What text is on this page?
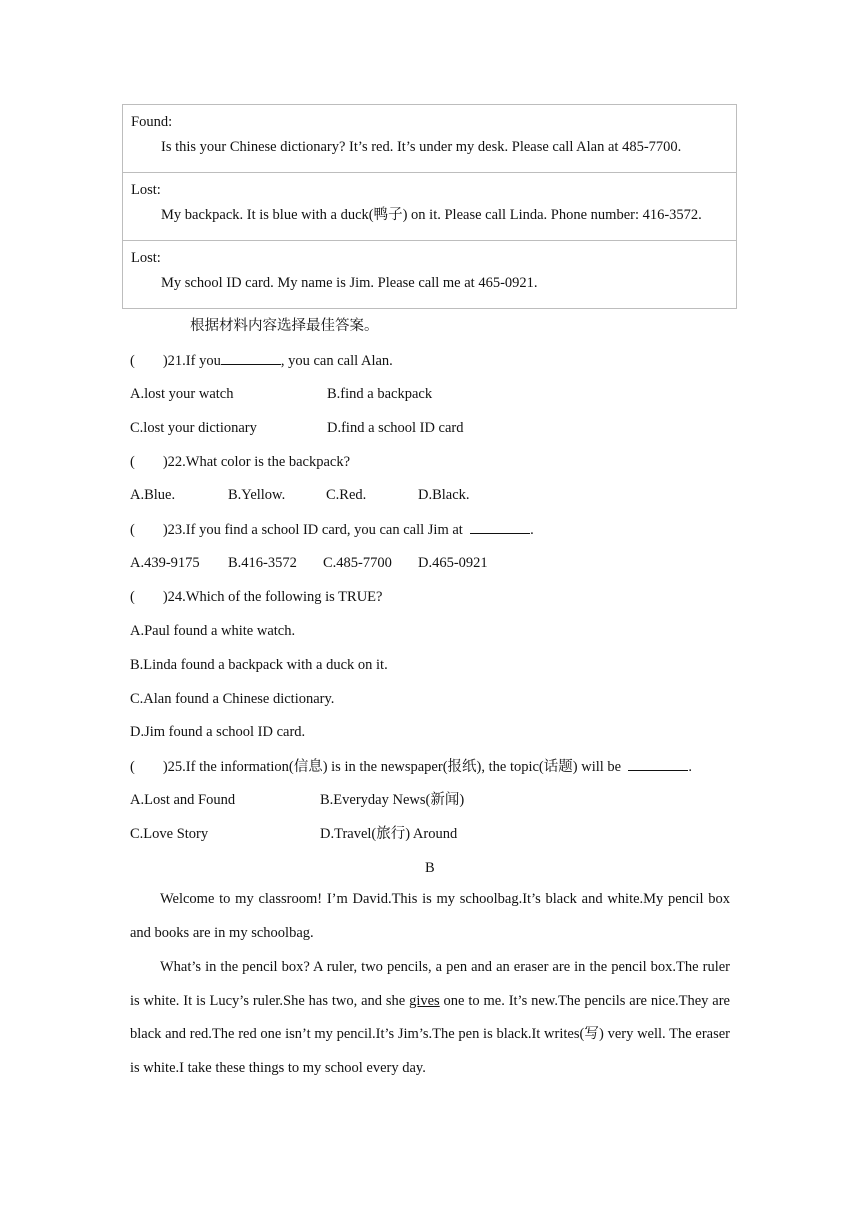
Found:
Is this your Chinese dictionary? It’s red. It’s under my desk. Please call Alan at 485-7700.

Lost:
My backpack. It is blue with a duck(鸭子) on it. Please call Linda. Phone number: 416-3572.

Lost:
My school ID card. My name is Jim. Please call me at 465-0921.
根据材料内容选择最佳答案。
( )21.If you	, you can call Alan.
A.lost your watch	B.find a backpack
C.lost your dictionary	D.find a school ID card
( )22.What color is the backpack?
A.Blue.	B.Yellow.	C.Red.	D.Black.
( )23.If you find a school ID card, you can call Jim at	.
A.439-9175 B.416-3572 C.485-7700 D.465-0921
( )24.Which of the following is TRUE?
A.Paul found a white watch.
B.Linda found a backpack with a duck on it.
C.Alan found a Chinese dictionary.
D.Jim found a school ID card.
( )25.If the information(信息) is in the newspaper(报纸), the topic(话题) will be	.
A.Lost and Found	B.Everyday News(新闻)
C.Love Story	D.Travel(旅行) Around
B
Welcome to my classroom! I’m David.This is my schoolbag.It’s black and white.My pencil box and books are in my schoolbag.
What’s in the pencil box? A ruler, two pencils, a pen and an eraser are in the pencil box.The ruler is white. It is Lucy’s ruler.She has two, and she gives one to me. It’s new.The pencils are nice.They are black and red.The red one isn’t my pencil.It’s Jim’s.The pen is black.It writes(写) very well. The eraser is white.I take these things to my school every day.
